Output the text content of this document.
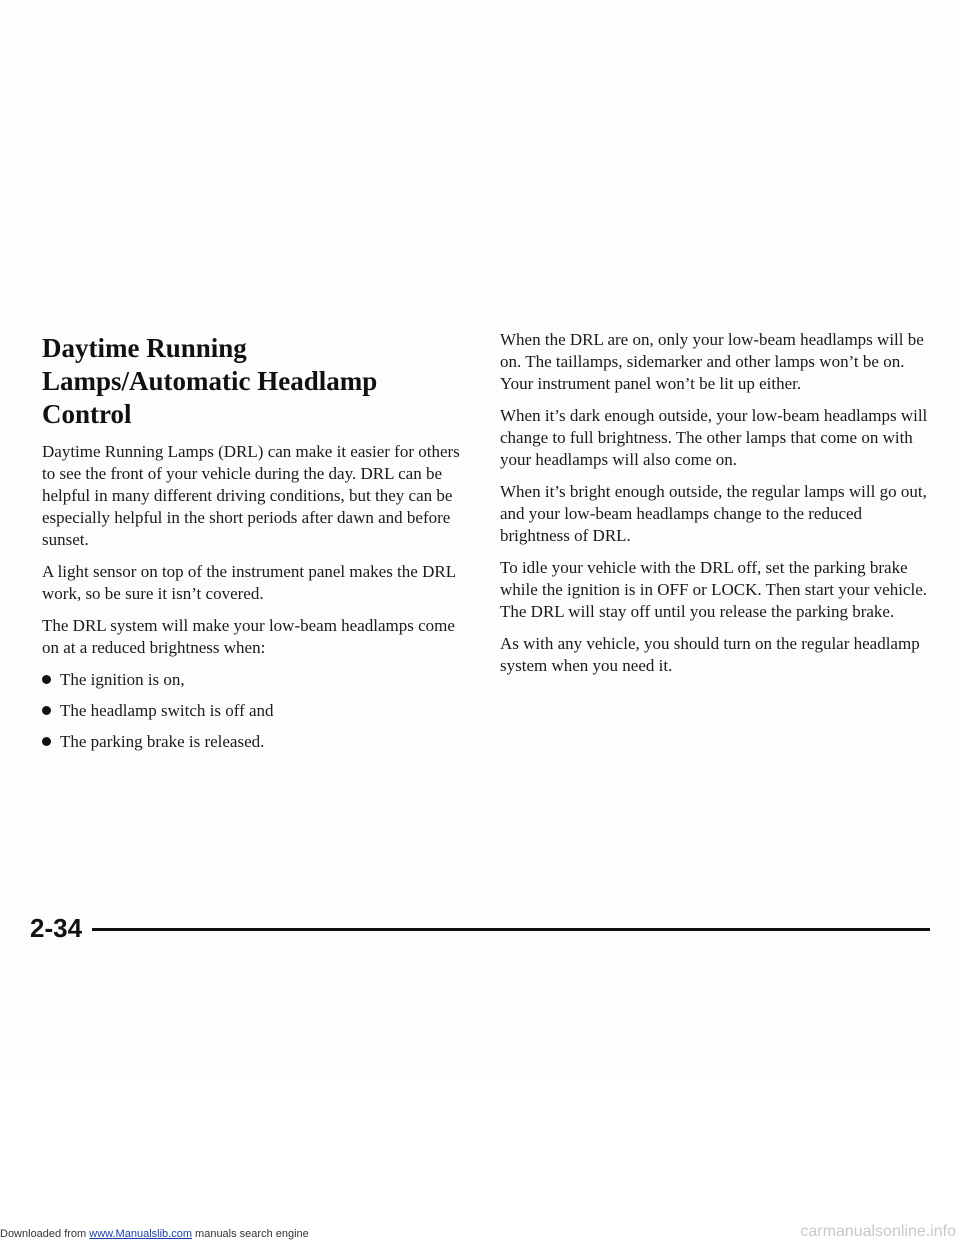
Daytime Running Lamps/Automatic Headlamp Control

Daytime Running Lamps (DRL) can make it easier for others to see the front of your vehicle during the day. DRL can be helpful in many different driving conditions, but they can be especially helpful in the short periods after dawn and before sunset.

A light sensor on top of the instrument panel makes the DRL work, so be sure it isn’t covered.

The DRL system will make your low-beam headlamps come on at a reduced brightness when:

The ignition is on,
The headlamp switch is off and
The parking brake is released.

When the DRL are on, only your low-beam headlamps will be on. The taillamps, sidemarker and other lamps won’t be on. Your instrument panel won’t be lit up either.

When it’s dark enough outside, your low-beam headlamps will change to full brightness. The other lamps that come on with your headlamps will also come on.

When it’s bright enough outside, the regular lamps will go out, and your low-beam headlamps change to the reduced brightness of DRL.

To idle your vehicle with the DRL off, set the parking brake while the ignition is in OFF or LOCK. Then start your vehicle. The DRL will stay off until you release the parking brake.

As with any vehicle, you should turn on the regular headlamp system when you need it.

2-34
Downloaded from www.Manualslib.com manuals search engine	carmanualsonline.info
